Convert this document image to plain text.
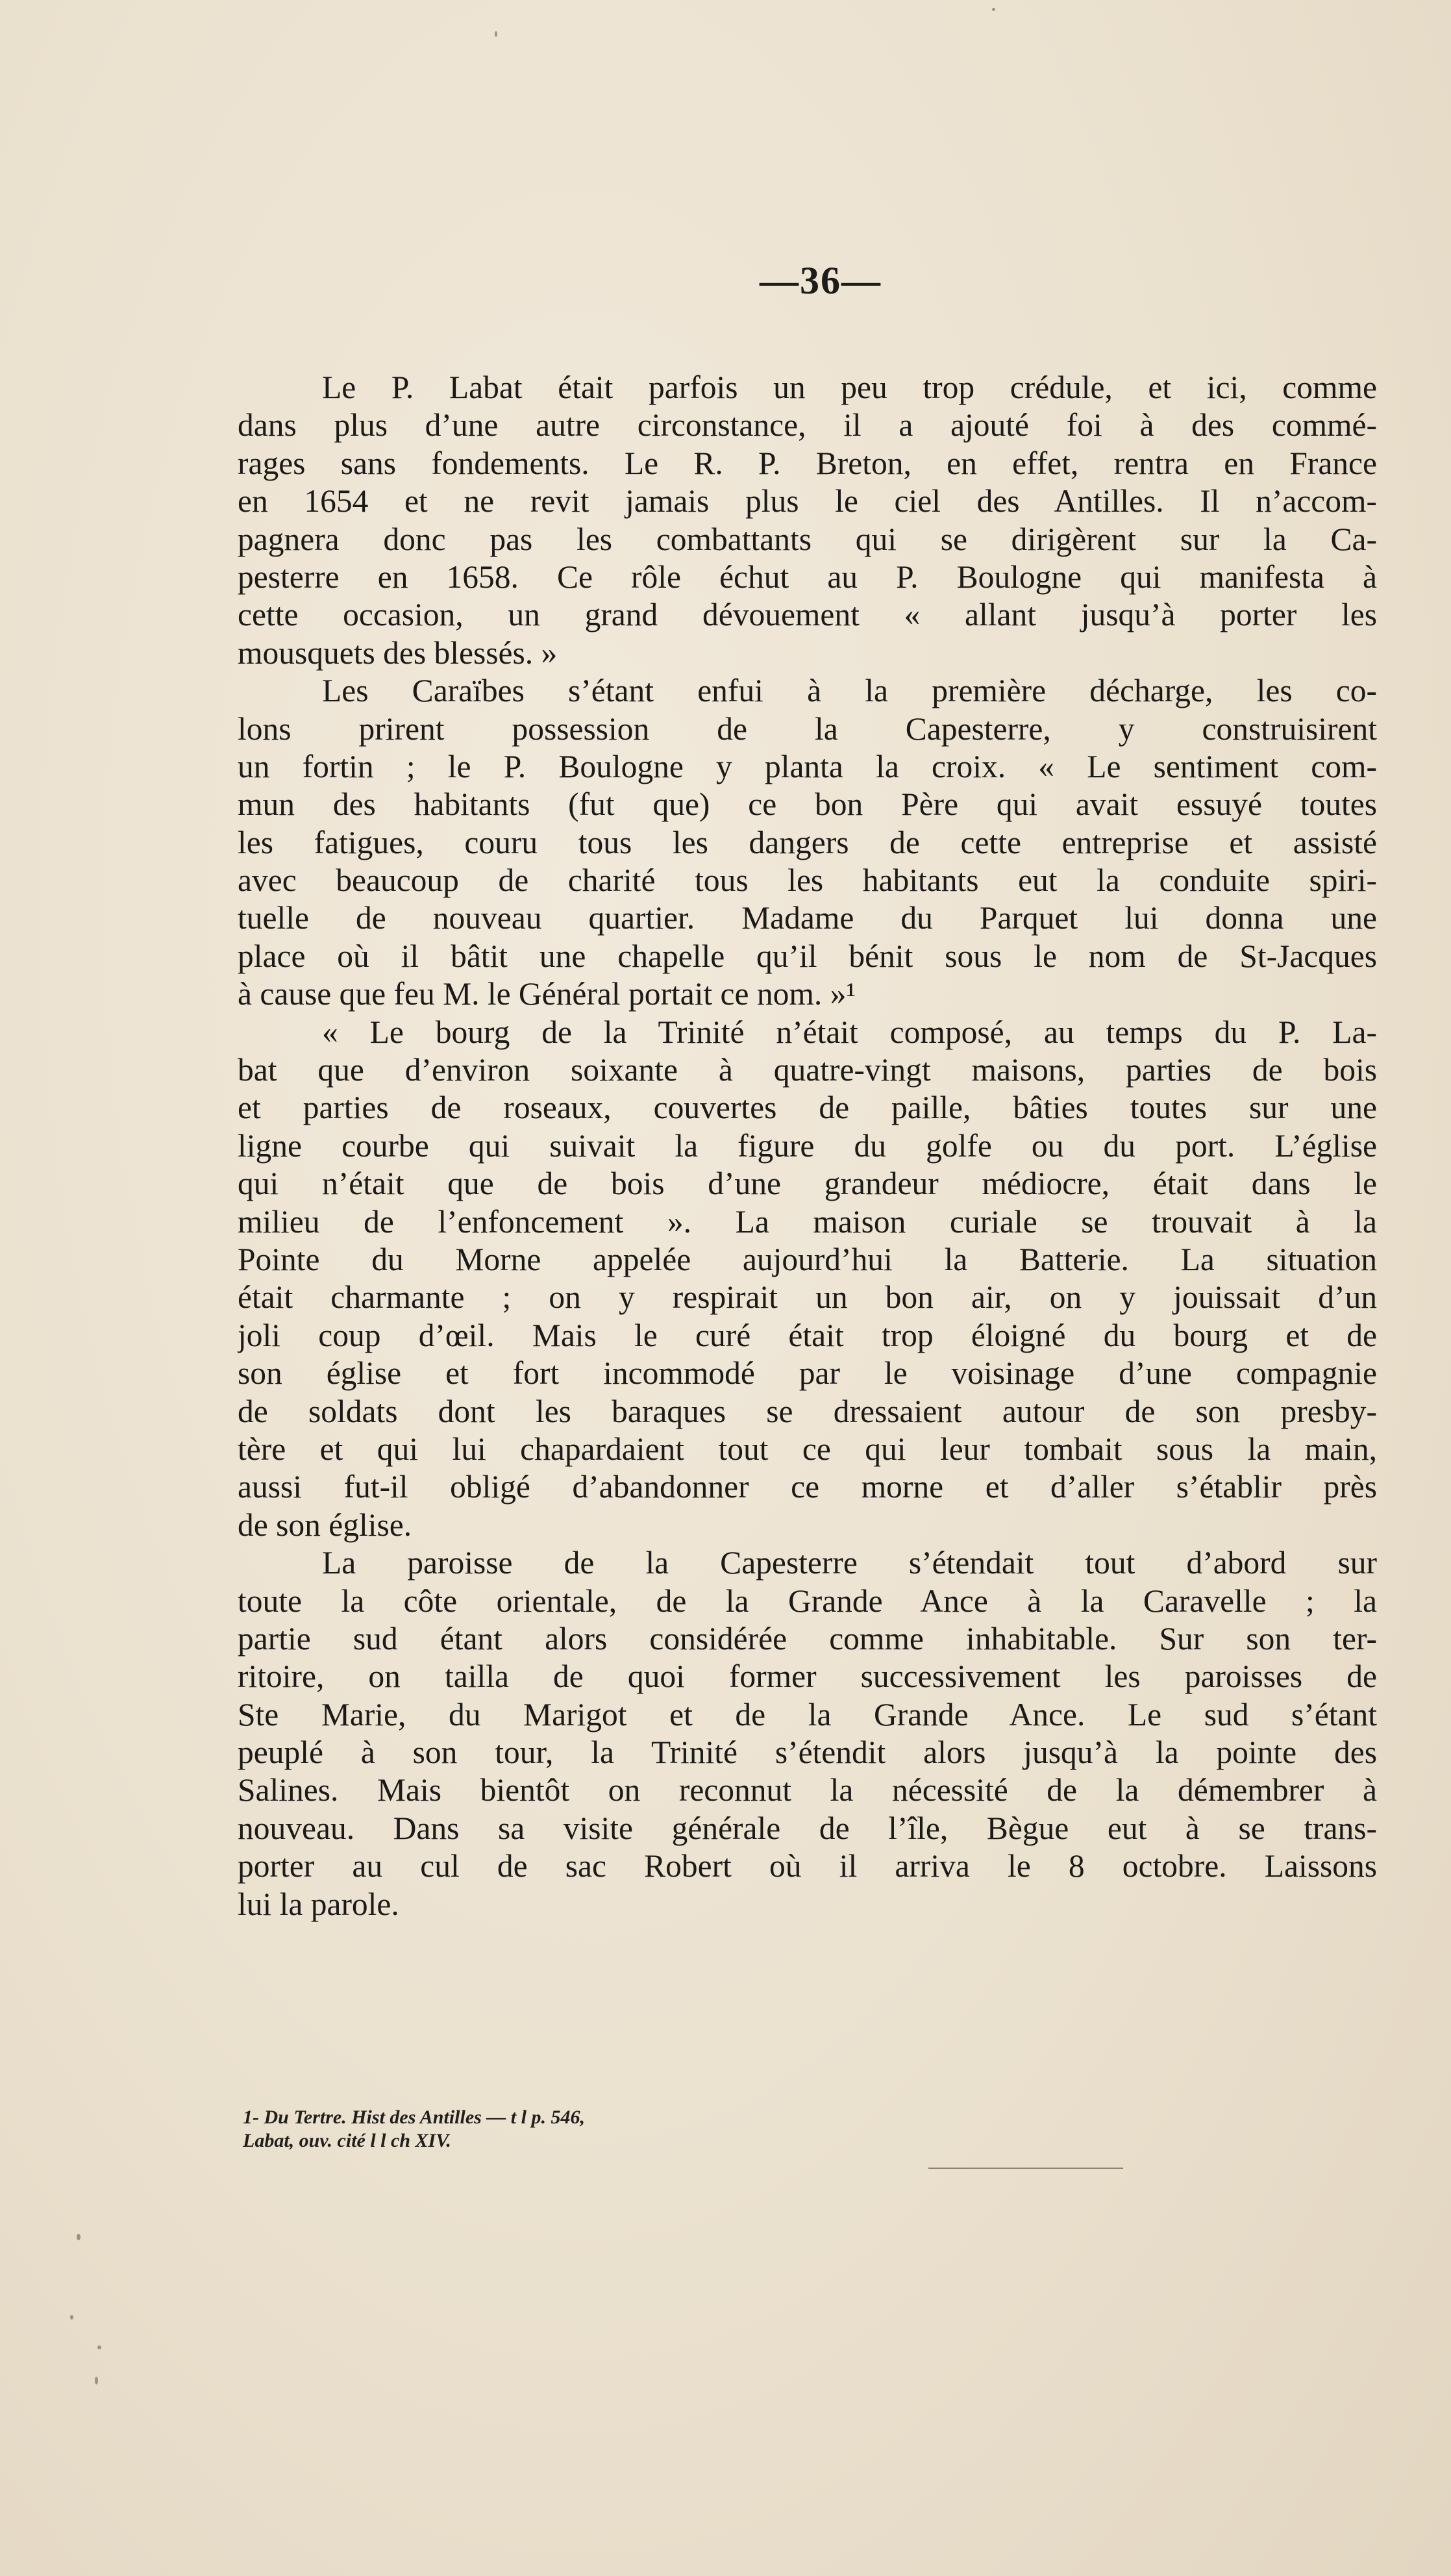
—36—
Le P. Labat était parfois un peu trop crédule, et ici, comme
dans plus d’une autre circonstance, il a ajouté foi à des commé-
rages sans fondements. Le R. P. Breton, en effet, rentra en France
en 1654 et ne revit jamais plus le ciel des Antilles. Il n’accom-
pagnera donc pas les combattants qui se dirigèrent sur la Ca-
pesterre en 1658. Ce rôle échut au P. Boulogne qui manifesta à
cette occasion, un grand dévouement « allant jusqu’à porter les
mousquets des blessés. »
Les Caraïbes s’étant enfui à la première décharge, les co-
lons prirent possession de la Capesterre, y construisirent
un fortin ; le P. Boulogne y planta la croix. « Le sentiment com-
mun des habitants (fut que) ce bon Père qui avait essuyé toutes
les fatigues, couru tous les dangers de cette entreprise et assisté
avec beaucoup de charité tous les habitants eut la conduite spiri-
tuelle de nouveau quartier. Madame du Parquet lui donna une
place où il bâtit une chapelle qu’il bénit sous le nom de St-Jacques
à cause que feu M. le Général portait ce nom. »¹
« Le bourg de la Trinité n’était composé, au temps du P. La-
bat que d’environ soixante à quatre-vingt maisons, parties de bois
et parties de roseaux, couvertes de paille, bâties toutes sur une
ligne courbe qui suivait la figure du golfe ou du port. L’église
qui n’était que de bois d’une grandeur médiocre, était dans le
milieu de l’enfoncement ». La maison curiale se trouvait à la
Pointe du Morne appelée aujourd’hui la Batterie. La situation
était charmante ; on y respirait un bon air, on y jouissait d’un
joli coup d’œil. Mais le curé était trop éloigné du bourg et de
son église et fort incommodé par le voisinage d’une compagnie
de soldats dont les baraques se dressaient autour de son presby-
tère et qui lui chapardaient tout ce qui leur tombait sous la main,
aussi fut-il obligé d’abandonner ce morne et d’aller s’établir près
de son église.
La paroisse de la Capesterre s’étendait tout d’abord sur
toute la côte orientale, de la Grande Ance à la Caravelle ; la
partie sud étant alors considérée comme inhabitable. Sur son ter-
ritoire, on tailla de quoi former successivement les paroisses de
Ste Marie, du Marigot et de la Grande Ance. Le sud s’étant
peuplé à son tour, la Trinité s’étendit alors jusqu’à la pointe des
Salines. Mais bientôt on reconnut la nécessité de la démembrer à
nouveau. Dans sa visite générale de l’île, Bègue eut à se trans-
porter au cul de sac Robert où il arriva le 8 octobre. Laissons
lui la parole.
1- Du Tertre. Hist des Antilles — t l p. 546,
Labat, ouv. cité l l ch XIV.
